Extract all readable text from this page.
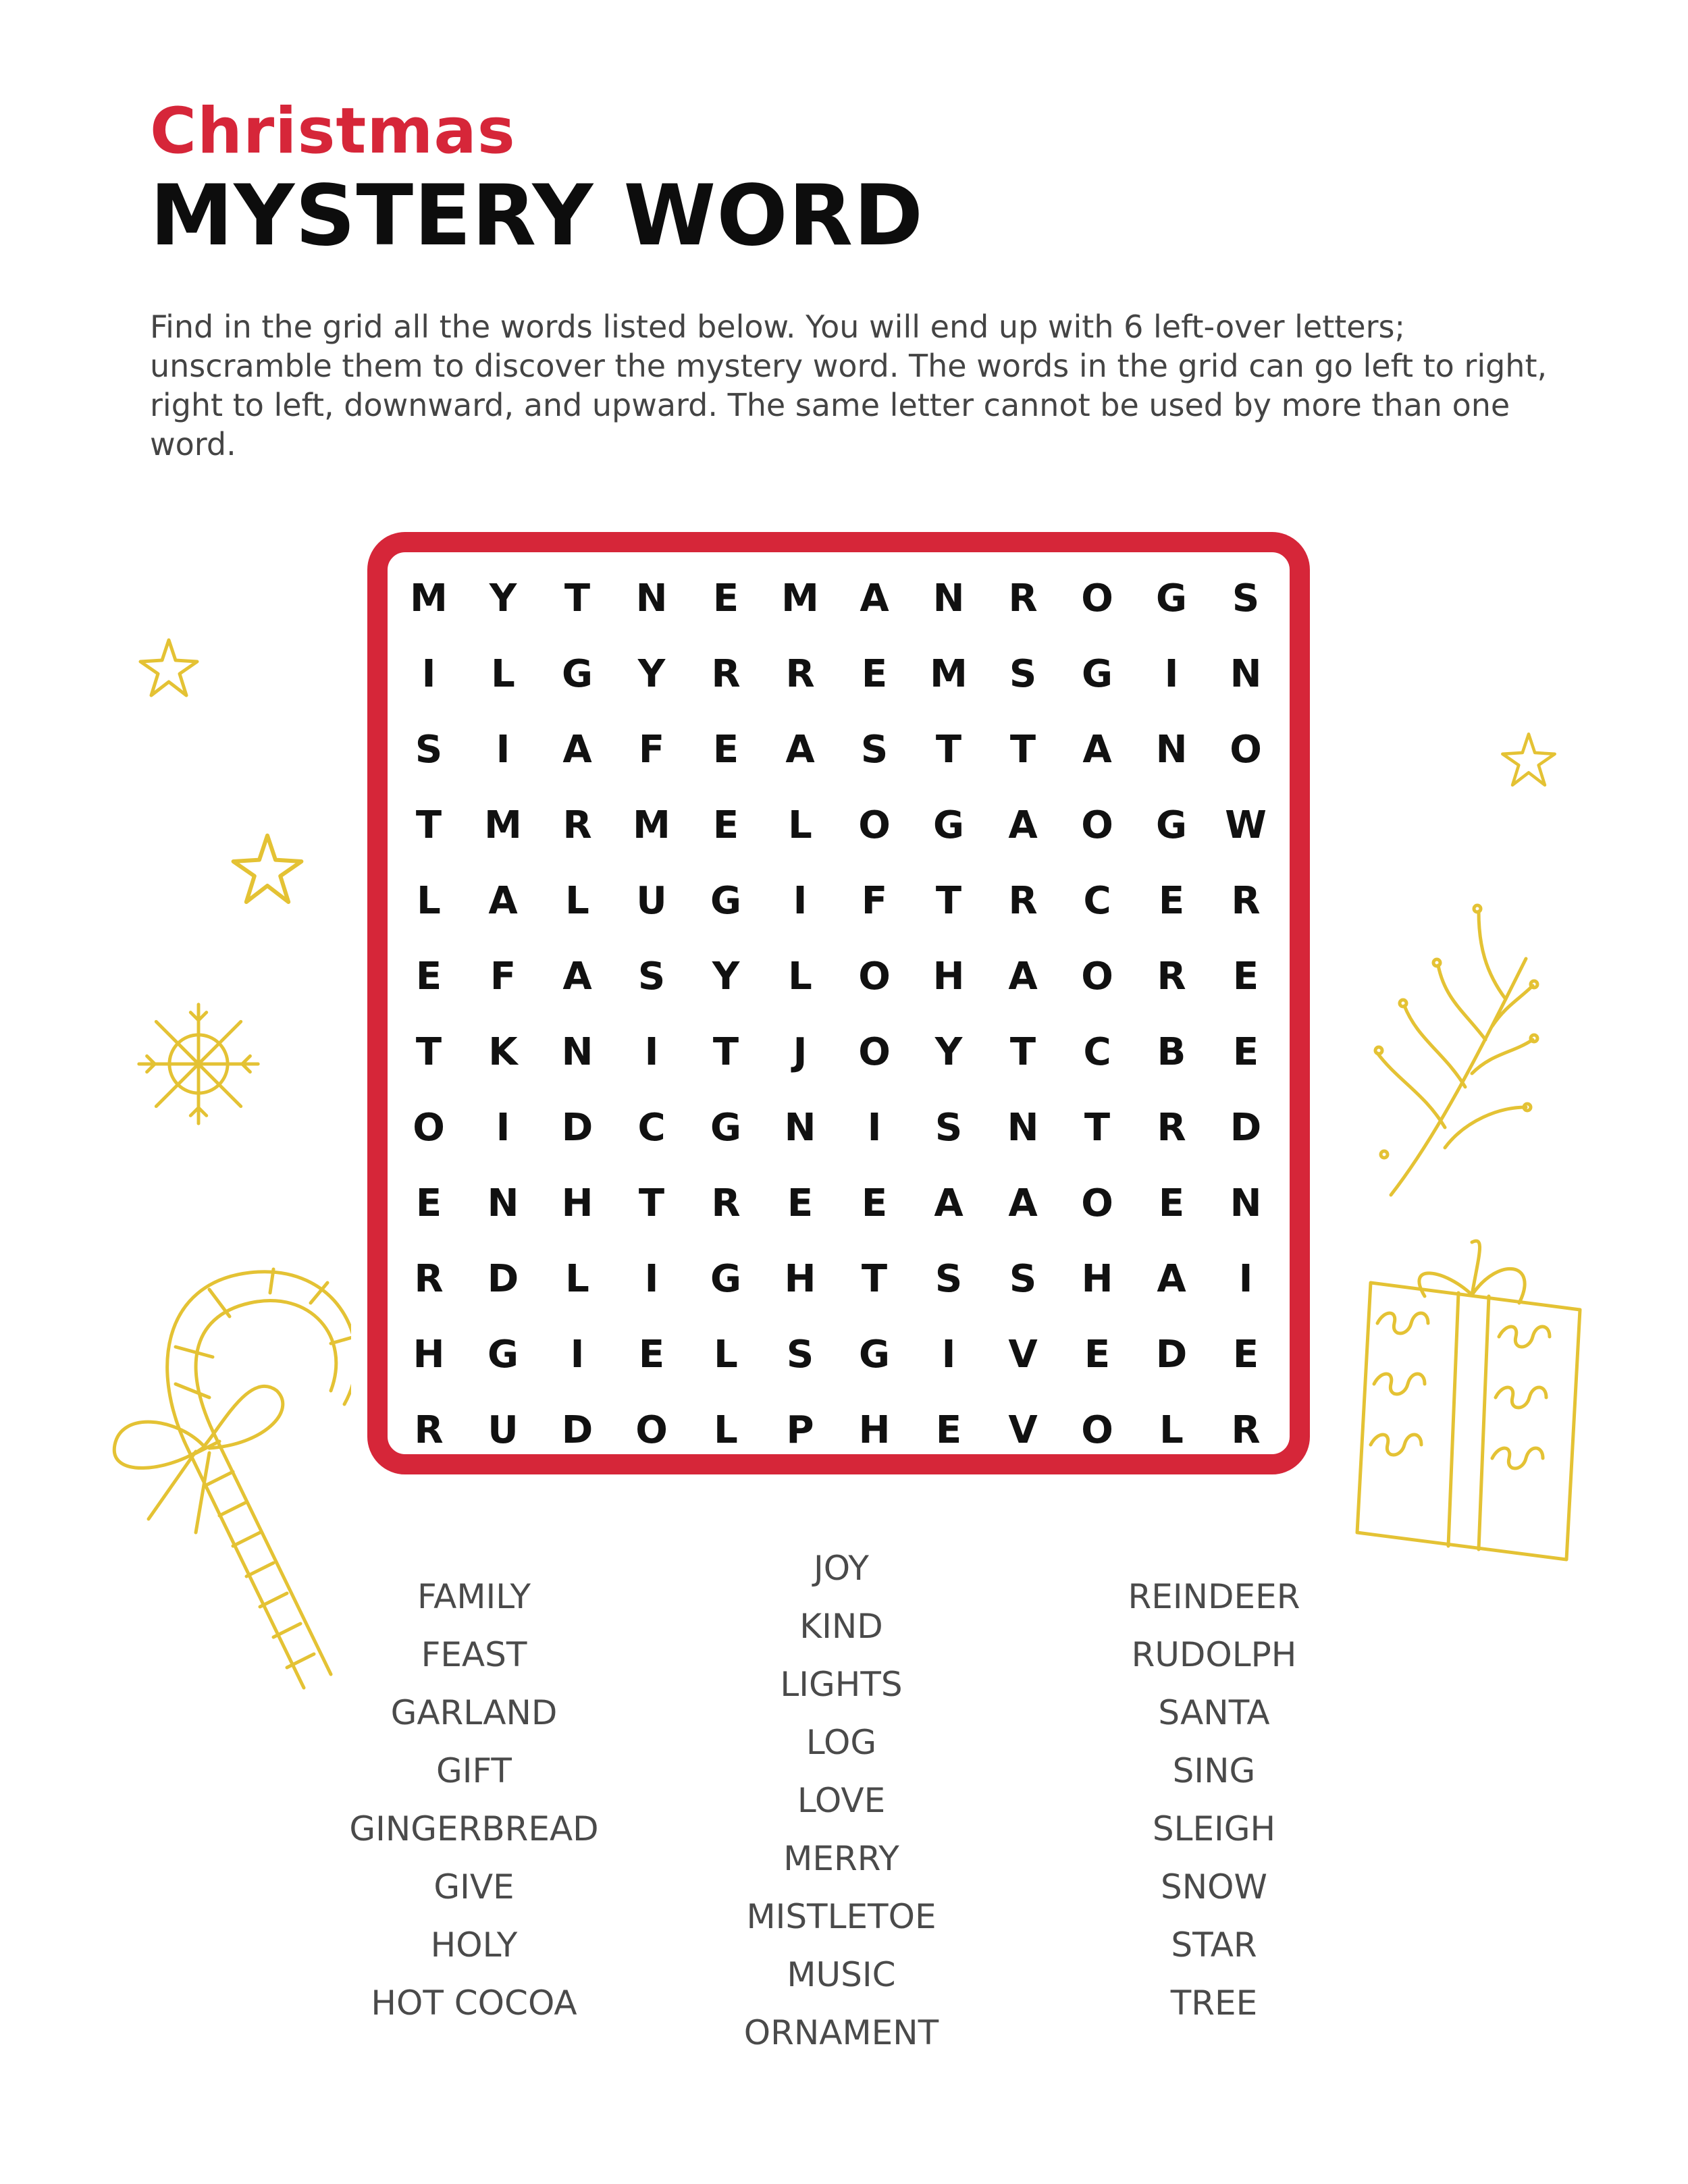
Christmas
MYSTERY WORD

Find in the grid all the words listed below. You will end up with 6 left-over letters; unscramble them to discover the mystery word. The words in the grid can go left to right, right to left, downward, and upward. The same letter cannot be used by more than one word.

M	Y	T	N	E	M	A	N	R	O	G	S
I	L	G	Y	R	R	E	M	S	G	I	N
S	I	A	F	E	A	S	T	T	A	N	O
T	M	R	M	E	L	O	G	A	O	G	W
L	A	L	U	G	I	F	T	R	C	E	R
E	F	A	S	Y	L	O	H	A	O	R	E
T	K	N	I	T	J	O	Y	T	C	B	E
O	I	D	C	G	N	I	S	N	T	R	D
E	N	H	T	R	E	E	A	A	O	E	N
R	D	L	I	G	H	T	S	S	H	A	I
H	G	I	E	L	S	G	I	V	E	D	E
R	U	D	O	L	P	H	E	V	O	L	R
FAMILY
FEAST
GARLAND
GIFT
GINGERBREAD
GIVE
HOLY
HOT COCOA
JOY
KIND
LIGHTS
LOG
LOVE
MERRY
MISTLETOE
MUSIC
ORNAMENT
REINDEER
RUDOLPH
SANTA
SING
SLEIGH
SNOW
STAR
TREE
